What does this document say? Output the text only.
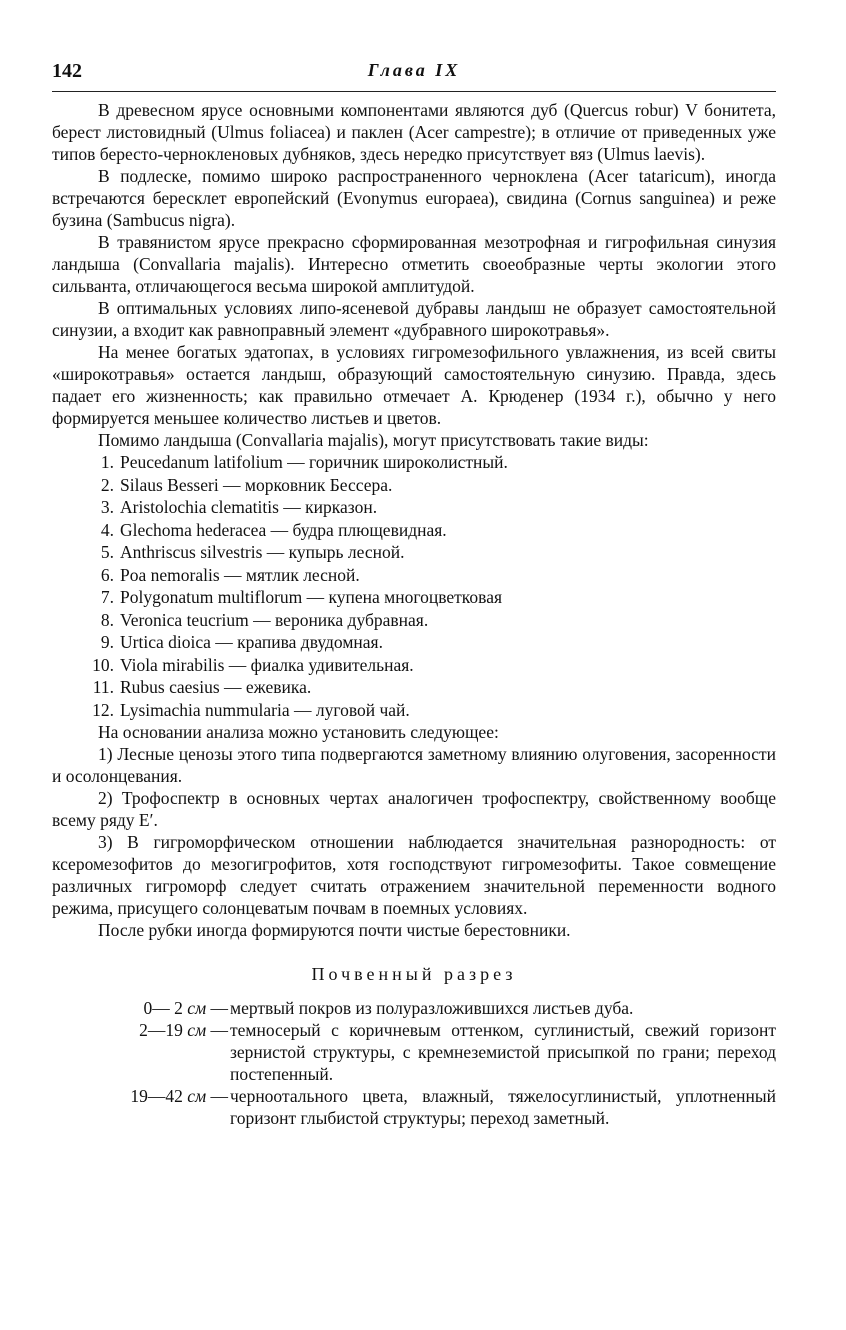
142	Глава IX

В древесном ярусе основными компонентами являются дуб (Quercus robur) V бонитета, берест листовидный (Ulmus foliacea) и паклен (Acer campestre); в отличие от приведенных уже типов берестo-черноклeновых дубняков, здесь нередко присутствует вяз (Ulmus laevis).

В подлеске, помимо широко распространенного черноклена (Acer tataricum), иногда встречаются бересклет европейский (Evonymus europaea), свидина (Cornus sanguinea) и реже бузина (Sambucus nigra).

В травянистом ярусе прекрасно сформированная мезотрофная и гигрофильная синузия ландыша (Convallaria majalis). Интересно отметить своеобразные черты экологии этого сильванта, отличающегося весьма широкой амплитудой.

В оптимальных условиях липо-ясеневой дубравы ландыш не образует самостоятельной синузии, а входит как равноправный элемент «дубравного широкотравья».

На менее богатых эдатопах, в условиях гигромезофильного увлажнения, из всей свиты «широкотравья» остается ландыш, образующий самостоятельную синузию. Правда, здесь падает его жизненность; как правильно отмечает А. Крюденер (1934 г.), обычно у него формируется меньшее количество листьев и цветов.

Помимо ландыша (Convallaria majalis), могут присутствовать такие виды:

1. Peucedanum latifolium — горичник широколистный.
2. Silaus Besseri — морковник Бессера.
3. Aristolochia clematitis — кирказон.
4. Glechoma hederacea — будра плющевидная.
5. Anthriscus silvestris — купырь лесной.
6. Poa nemoralis — мятлик лесной.
7. Polygonatum multiflorum — купена многоцветковая
8. Veronica teucrium — вероника дубравная.
9. Urtica dioica — крапива двудомная.
10. Viola mirabilis — фиалка удивительная.
11. Rubus caesius — ежевика.
12. Lysimachia nummularia — луговой чай.

На основании анализа можно установить следующее:

1) Лесные ценозы этого типа подвергаются заметному влиянию олуговения, засоренности и осолонцевания.

2) Трофоспектр в основных чертах аналогичен трофоспектру, свойственному вообще всему ряду E′.

3) В гигроморфическом отношении наблюдается значительная разнородность: от ксеромезофитов до мезогигрофитов, хотя господствуют гигромезофиты. Такое совмещение различных гигроморф следует считать отражением значительной переменности водного режима, присущего солонцеватым почвам в поемных условиях.

После рубки иногда формируются почти чистые берестовники.

Почвенный разрез
0— 2 см — мертвый покров из полуразложившихся листьев дуба.
2—19 см — темносерый с коричневым оттенком, суглинистый, свежий горизонт зернистой структуры, с кремнеземистой присыпкой по грани; переход постепенный.
19—42 см — черноотального цвета, влажный, тяжелосуглинистый, уплотненный горизонт глыбистой структуры; переход заметный.
